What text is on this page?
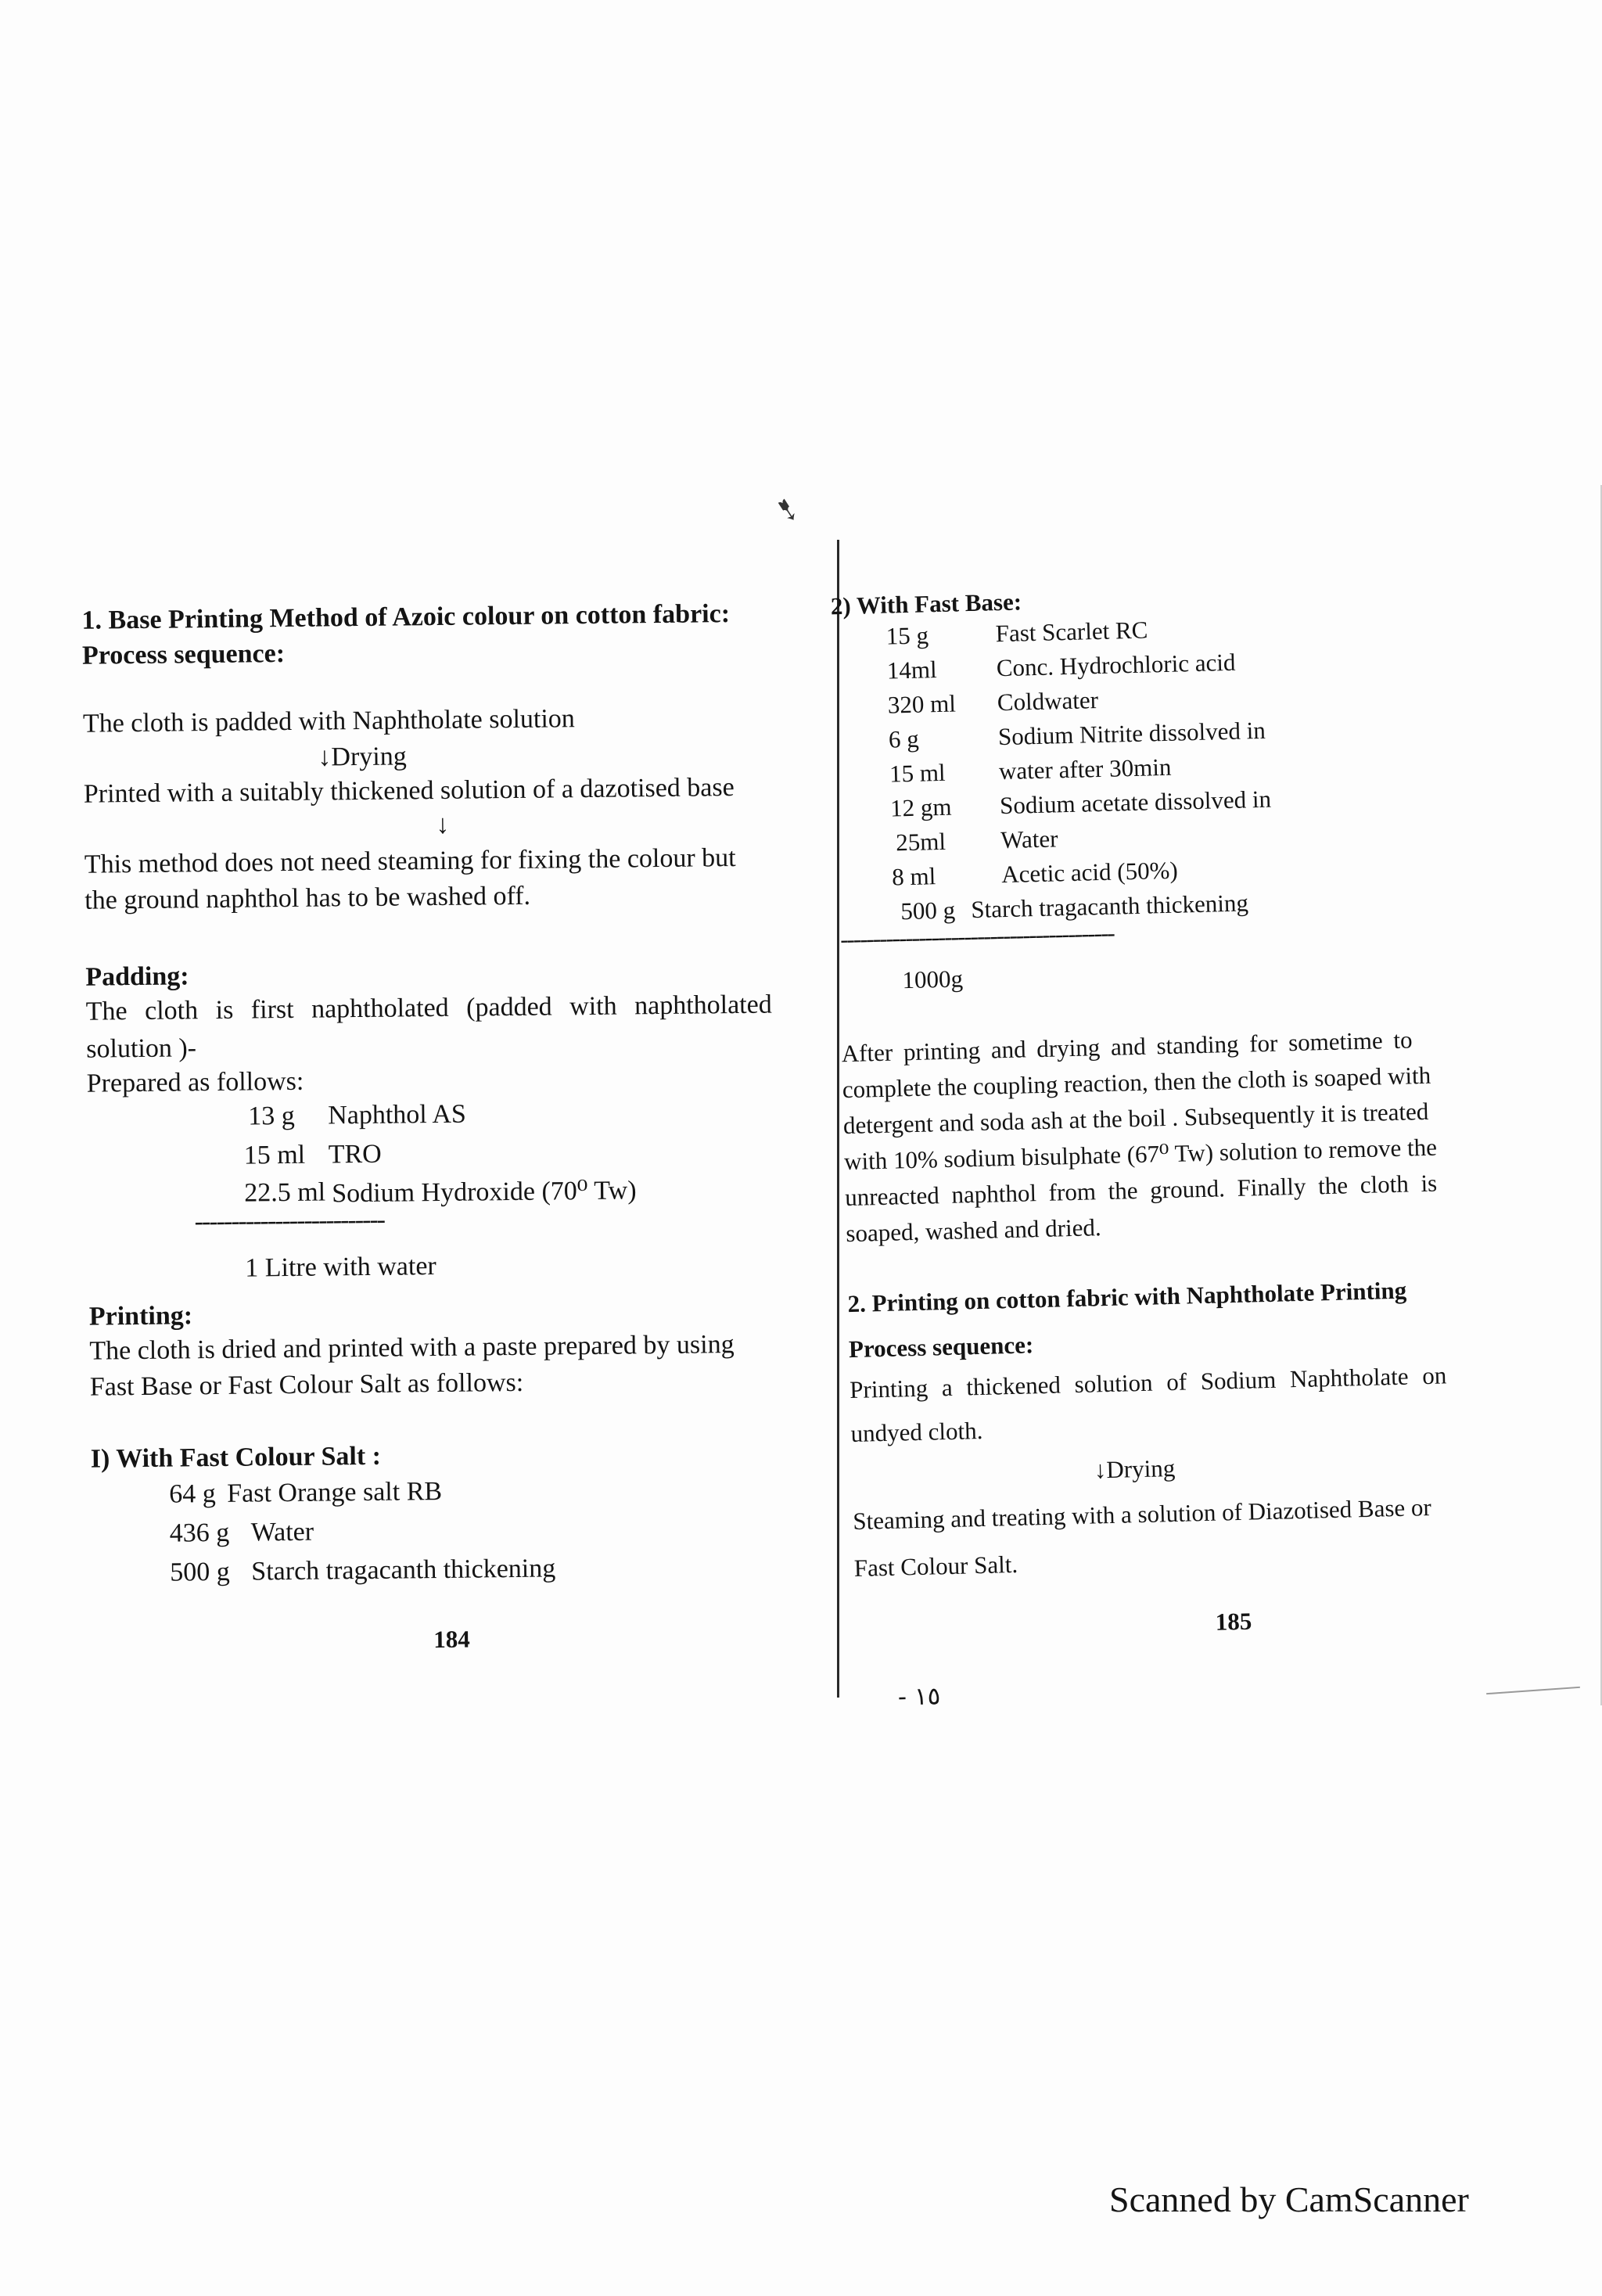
➷
1. Base Printing Method of Azoic colour on cotton fabric:
Process sequence:
The cloth is padded with Naphtholate solution
↓Drying
Printed with a suitably thickened solution of a dazotised base
↓
This method does not need steaming for fixing the colour but
the ground naphthol has to be washed off.
Padding:
The cloth is first naphtholated (padded with naphtholated
solution )-
Prepared as follows:
13 g Naphthol AS
15 ml TRO
22.5 ml Sodium Hydroxide (70⁰ Tw)
--------------------------
1 Litre with water
Printing:
The cloth is dried and printed with a paste prepared by using
Fast Base or Fast Colour Salt as follows:
I) With Fast Colour Salt :
64 g Fast Orange salt RB
436 g Water
500 g Starch tragacanth thickening
184
2) With Fast Base:
15 g	Fast Scarlet RC
14ml Conc. Hydrochloric acid
320 ml Coldwater
6 g	Sodium Nitrite dissolved in
15 ml water after 30min
12 gm Sodium acetate dissolved in
25ml Water
8 ml	Acetic acid (50%)
500 g Starch tragacanth thickening
------------------------------------------
1000g
After printing and drying and standing for sometime to
complete the coupling reaction, then the cloth is soaped with
detergent and soda ash at the boil . Subsequently it is treated
with 10% sodium bisulphate (67⁰ Tw) solution to remove the
unreacted naphthol from the ground. Finally the cloth is
soaped, washed and dried.
2. Printing on cotton fabric with Naphtholate Printing
Process sequence:
Printing a thickened solution of Sodium Naphtholate on
undyed cloth.
↓Drying
Steaming and treating with a solution of Diazotised Base or
Fast Colour Salt.
185
- ١٥
Scanned by CamScanner
